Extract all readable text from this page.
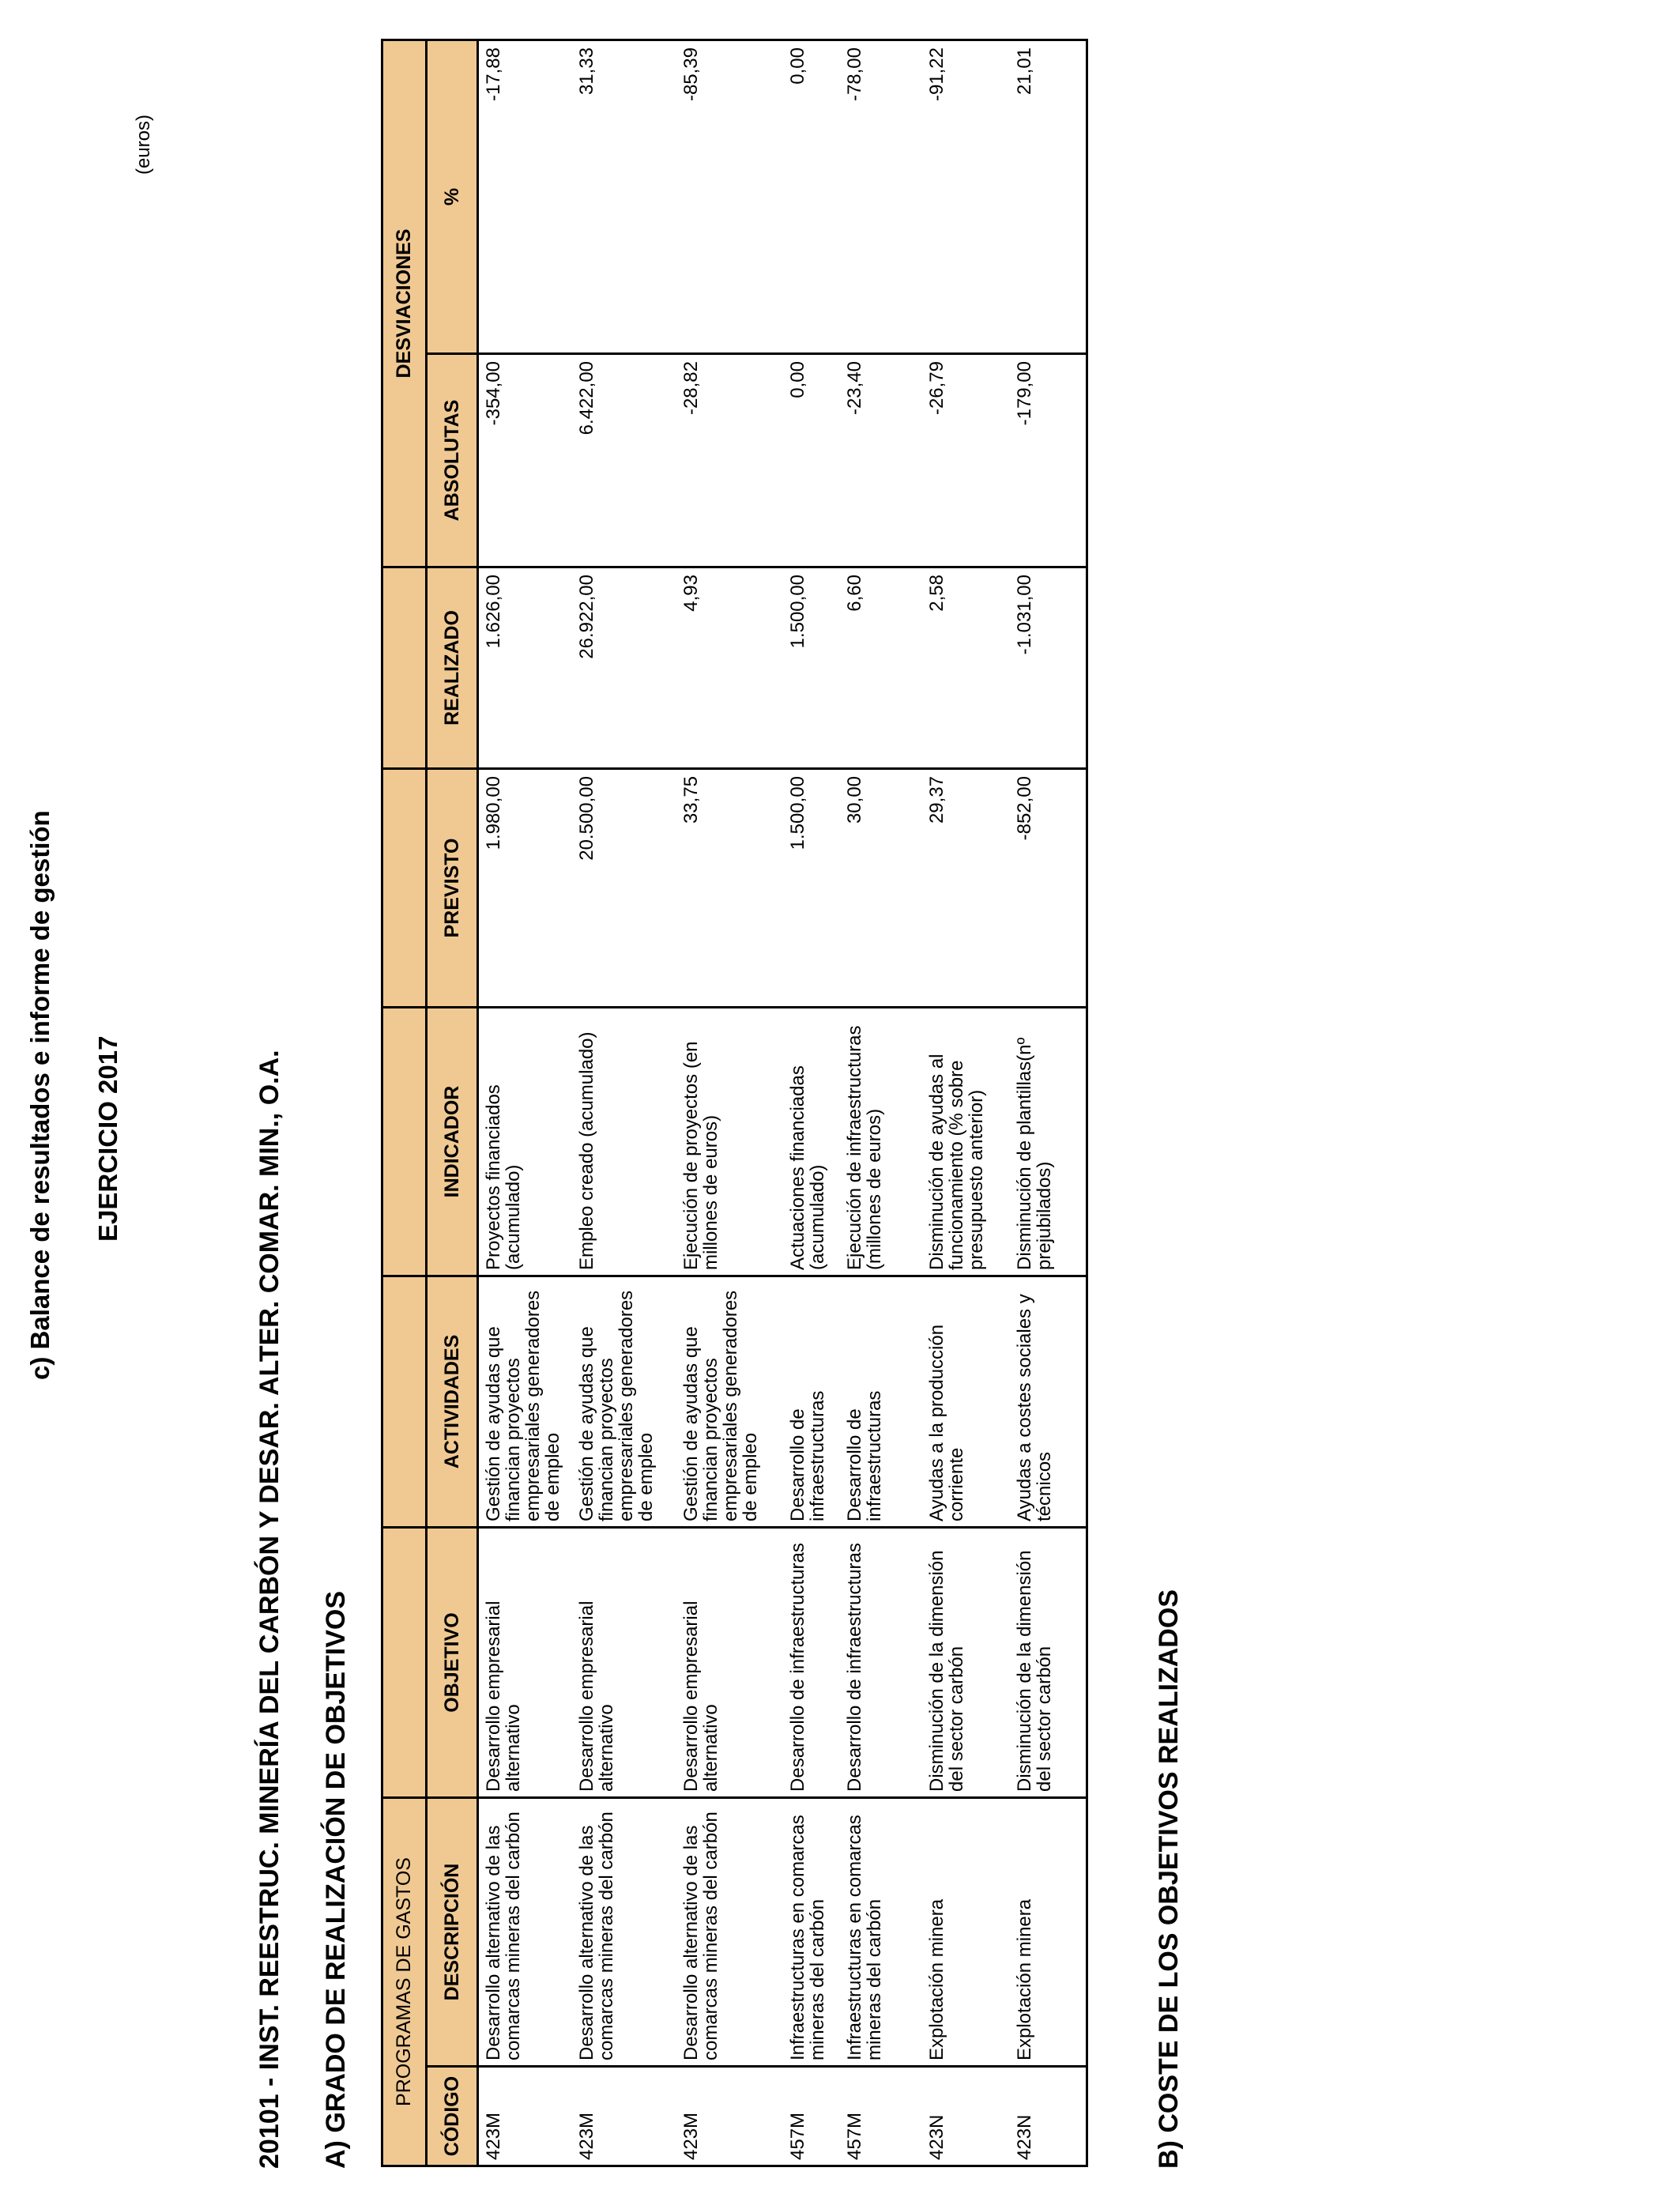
c) Balance de resultados e informe de gestión EJERCICIO 2017	20101 - INST. REESTRUC. MINERÍA DEL CARBÓN Y DESAR. ALTER. COMAR. MIN., O.A. A) GRADO DE REALIZACIÓN DE OBJETIVOS
(euros)
PROGRAMAS DE GASTOS							DESVIACIONES	
CÓDIGO	DESCRIPCIÓN	OBJETIVO	ACTIVIDADES	INDICADOR	PREVISTO	REALIZADO	ABSOLUTAS	%
423M	Desarrollo alternativo de las comarcas mineras del carbón	Desarrollo empresarial alternativo	Gestión de ayudas que financian proyectos empresariales generadores de empleo	Proyectos financiados (acumulado)	1.980,00	1.626,00	-354,00	-17,88
423M	Desarrollo alternativo de las comarcas mineras del carbón	Desarrollo empresarial alternativo	Gestión de ayudas que financian proyectos empresariales generadores de empleo	Empleo creado (acumulado)	20.500,00	26.922,00	6.422,00	31,33
423M	Desarrollo alternativo de las comarcas mineras del carbón	Desarrollo empresarial alternativo	Gestión de ayudas que financian proyectos empresariales generadores de empleo	Ejecución de proyectos (en millones de euros)	33,75	4,93	-28,82	-85,39
457M	Infraestructuras en comarcas mineras del carbón	Desarrollo de infraestructuras	Desarrollo de infraestructuras	Actuaciones financiadas (acumulado)	1.500,00	1.500,00	0,00	0,00
457M	Infraestructuras en comarcas mineras del carbón	Desarrollo de infraestructuras	Desarrollo de infraestructuras	Ejecución de infraestructuras (millones de euros)	30,00	6,60	-23,40	-78,00
423N	Explotación minera	Disminución de la dimensión del sector carbón	Ayudas a la producción corriente	Disminución de ayudas al funcionamiento (% sobre presupuesto anterior)	29,37	2,58	-26,79	-91,22
423N	Explotación minera	Disminución de la dimensión del sector carbón	Ayudas a costes sociales y técnicos	Disminución de plantillas(nº prejubilados)	-852,00	-1.031,00	-179,00	21,01
B) COSTE DE LOS OBJETIVOS REALIZADOS
